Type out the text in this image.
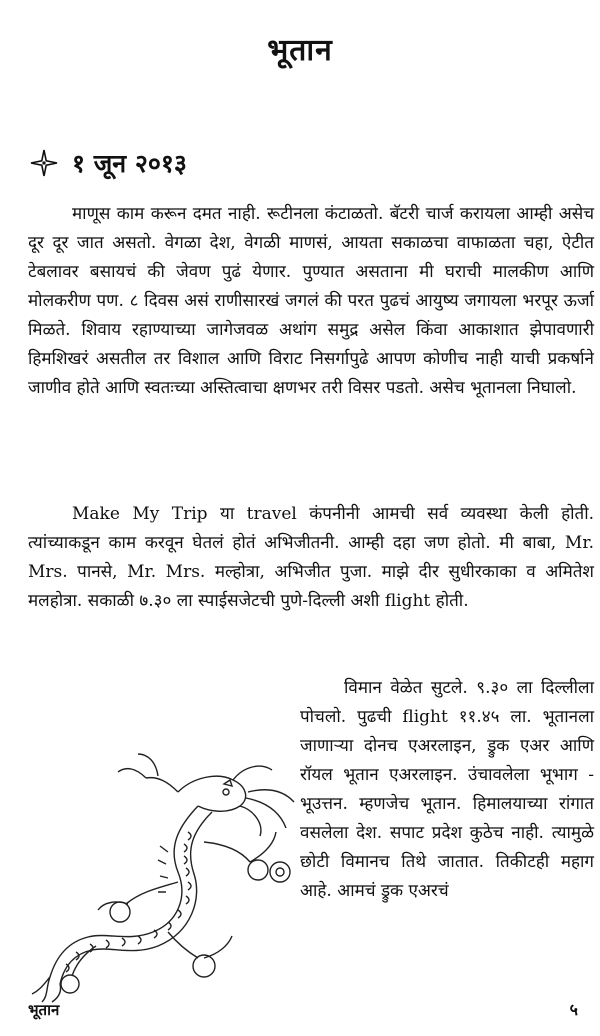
भूतान
१ जून २०१३

माणूस काम करून दमत नाही. रूटीनला कंटाळतो. बॅटरी चार्ज करायला आम्ही असेच दूर दूर जात असतो. वेगळा देश, वेगळी माणसं, आयता सकाळचा वाफाळता चहा, ऐटीत टेबलावर बसायचं की जेवण पुढं येणार. पुण्यात असताना मी घराची मालकीण आणि मोलकरीण पण. ८ दिवस असं राणीसारखं जगलं की परत पुढचं आयुष्य जगायला भरपूर ऊर्जा मिळते. शिवाय रहाण्याच्या जागेजवळ अथांग समुद्र असेल किंवा आकाशात झेपावणारी हिमशिखरं असतील तर विशाल आणि विराट निसर्गापुढे आपण कोणीच नाही याची प्रकर्षाने जाणीव होते आणि स्वतःच्या अस्तित्वाचा क्षणभर तरी विसर पडतो. असेच भूतानला निघालो.

Make My Trip या travel कंपनीनी आमची सर्व व्यवस्था केली होती. त्यांच्याकडून काम करवून घेतलं होतं अभिजीतनी. आम्ही दहा जण होतो. मी बाबा, Mr. Mrs. पानसे, Mr. Mrs. मल्होत्रा, अभिजीत पुजा. माझे दीर सुधीरकाका व अमितेश मलहोत्रा. सकाळी ७.३० ला स्पाईसजेटची पुणे-दिल्ली अशी flight होती.

विमान वेळेत सुटले. ९.३० ला दिल्लीला पोचलो. पुढची flight ११.४५ ला. भूतानला जाणाऱ्या दोनच एअरलाइन, ड्रुक एअर आणि रॉयल भूतान एअरलाइन. उंचावलेला भूभाग - भूउत्तन. म्हणजेच भूतान. हिमालयाच्या रांगात वसलेला देश. सपाट प्रदेश कुठेच नाही. त्यामुळे छोटी विमानच तिथे जातात. तिकीटही महाग आहे. आमचं ड्रुक एअरचं
भूतान	५
